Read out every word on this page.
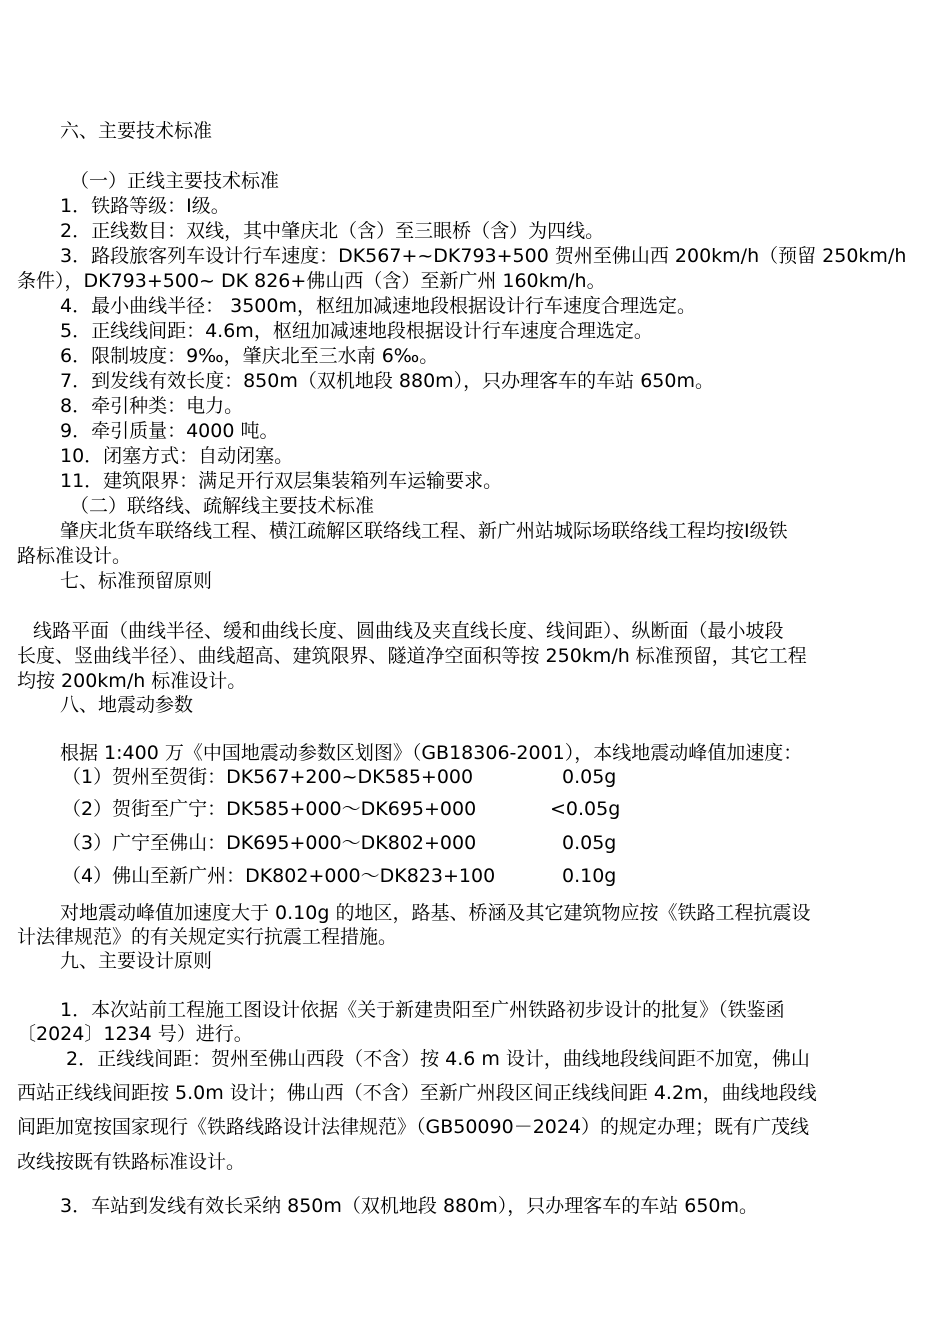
六、主要技术标准
（一）正线主要技术标准
1．铁路等级：Ⅰ级。
2．正线数目：双线，其中肇庆北（含）至三眼桥（含）为四线。
3．路段旅客列车设计行车速度：DK567+~DK793+500 贺州至佛山西 200km/h（预留 250km/h
条件），DK793+500~ DK 826+佛山西（含）至新广州 160km/h。
4．最小曲线半径： 3500m，枢纽加减速地段根据设计行车速度合理选定。
5．正线线间距：4.6m，枢纽加减速地段根据设计行车速度合理选定。
6．限制坡度：9‰，肇庆北至三水南 6‰。
7．到发线有效长度：850m（双机地段 880m），只办理客车的车站 650m。
8．牵引种类：电力。
9．牵引质量：4000 吨。
10．闭塞方式：自动闭塞。
11．建筑限界：满足开行双层集装箱列车运输要求。
（二）联络线、疏解线主要技术标准
肇庆北货车联络线工程、横江疏解区联络线工程、新广州站城际场联络线工程均按Ⅰ级铁
路标准设计。
七、标准预留原则
线路平面（曲线半径、缓和曲线长度、圆曲线及夹直线长度、线间距）、纵断面（最小坡段
长度、竖曲线半径）、曲线超高、建筑限界、隧道净空面积等按 250km/h 标准预留，其它工程
均按 200km/h 标准设计。
八、地震动参数
根据 1:400 万《中国地震动参数区划图》（GB18306-2001），本线地震动峰值加速度：
（1）贺州至贺街：DK567+200~DK585+000	0.05g
（2）贺街至广宁：DK585+000～DK695+000	<0.05g
（3）广宁至佛山：DK695+000～DK802+000	0.05g
（4）佛山至新广州：DK802+000～DK823+100	0.10g
对地震动峰值加速度大于 0.10g 的地区，路基、桥涵及其它建筑物应按《铁路工程抗震设
计法律规范》的有关规定实行抗震工程措施。
九、主要设计原则
1．本次站前工程施工图设计依据《关于新建贵阳至广州铁路初步设计的批复》（铁鉴函
〔2024〕1234 号）进行。
2．正线线间距：贺州至佛山西段（不含）按 4.6 m 设计，曲线地段线间距不加宽，佛山
西站正线线间距按 5.0m 设计；佛山西（不含）至新广州段区间正线线间距 4.2m，曲线地段线
间距加宽按国家现行《铁路线路设计法律规范》（GB50090－2024）的规定办理；既有广茂线
改线按既有铁路标准设计。
3．车站到发线有效长采纳 850m（双机地段 880m），只办理客车的车站 650m。
